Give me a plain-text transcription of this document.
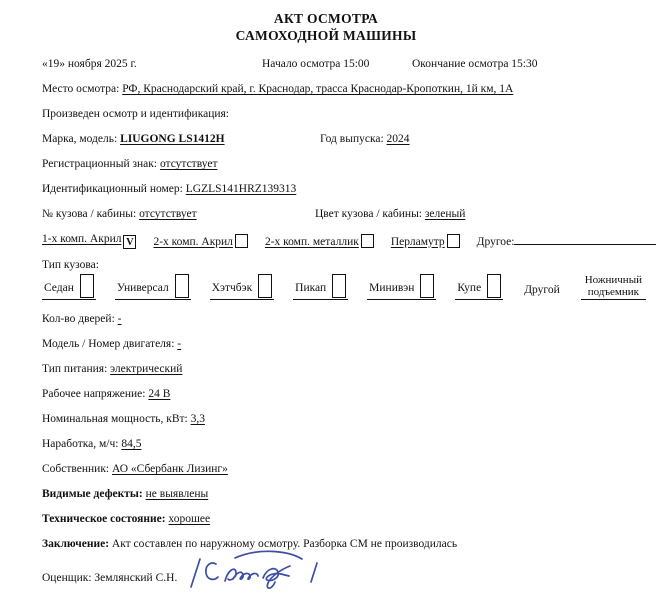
АКТ ОСМОТРА
САМОХОДНОЙ МАШИНЫ
«19» ноября 2025 г.	Начало осмотра 15:00	Окончание осмотра 15:30
Место осмотра: РФ, Краснодарский край, г. Краснодар, трасса Краснодар-Кропоткин, 1й км, 1А
Произведен осмотр и идентификация:
Марка, модель: LIUGONG LS1412H	Год выпуска: 2024
Регистрационный знак: отсутствует
Идентификационный номер: LGZLS141HRZ139313
№ кузова / кабины: отсутствует	Цвет кузова / кабины: зеленый
1-х комп. Акрил V 2-х комп. Акрил	2-х комп. металлик	Перламутр	Другое:
Тип кузова:
Седан	Универсал	Хэтчбэк	Пикап	Минивэн	Купе	Другой
Ножничный подъемник
Кол-во дверей: -
Модель / Номер двигателя: -
Тип питания: электрический
Рабочее напряжение: 24 В
Номинальная мощность, кВт: 3,3
Наработка, м/ч: 84,5
Собственник: АО «Сбербанк Лизинг»
Видимые дефекты: не выявлены
Техническое состояние: хорошее
Заключение: Акт составлен по наружному осмотру. Разборка СМ не производилась
Оценщик:
Землянский С.Н.
